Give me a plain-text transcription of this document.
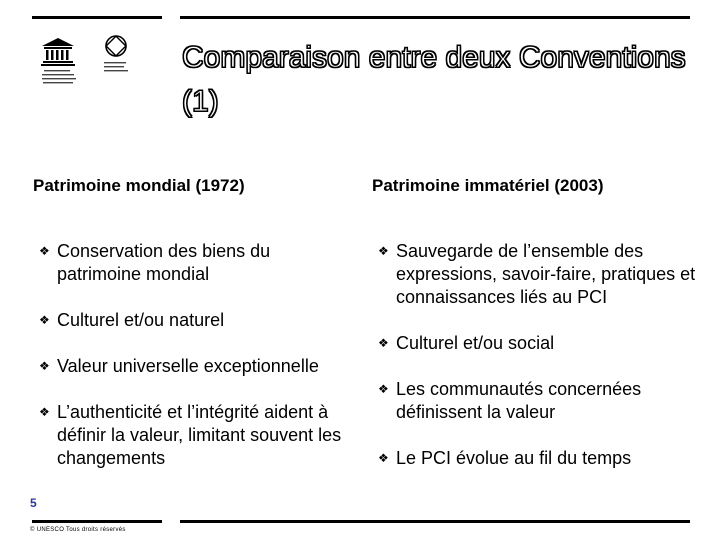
Comparaison entre deux Conventions (1)
Patrimoine mondial (1972)
❖ Conservation des biens du patrimoine mondial
❖ Culturel et/ou naturel
❖ Valeur universelle exceptionnelle
❖ L’authenticité et l’intégrité aident à définir la valeur, limitant souvent les changements
Patrimoine immatériel (2003)
❖ Sauvegarde de l’ensemble des expressions, savoir-faire, pratiques et connaissances liés au PCI
❖ Culturel et/ou social
❖ Les communautés concernées définissent la valeur
❖ Le PCI évolue au fil du temps
5
© UNESCO Tous droits réservés
